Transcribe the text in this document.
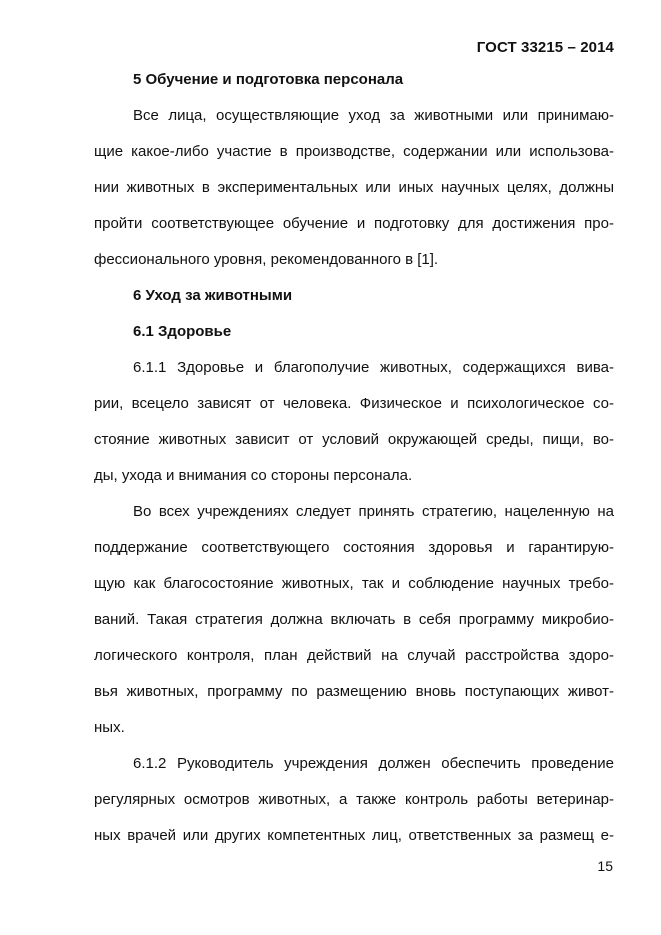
ГОСТ 33215 – 2014
5 Обучение и подготовка персонала
Все лица, осуществляющие уход за животными или принимаю-
щие какое-либо участие в производстве, содержании или использова-
нии животных в экспериментальных или иных научных целях, должны
пройти соответствующее обучение и подготовку для достижения про-
фессионального уровня, рекомендованного в [1].
6 Уход за животными
6.1 Здоровье
6.1.1 Здоровье и благополучие животных, содержащихся вива-
рии, всецело зависят от человека. Физическое и психологическое со-
стояние животных зависит от условий окружающей среды, пищи, во-
ды, ухода и внимания со стороны персонала.
Во всех учреждениях следует принять стратегию, нацеленную на
поддержание соответствующего состояния здоровья и гарантирую-
щую как благосостояние животных, так и соблюдение научных требо-
ваний. Такая стратегия должна включать в себя программу микробио-
логического контроля, план действий на случай расстройства здоро-
вья животных, программу по размещению вновь поступающих живот-
ных.
6.1.2 Руководитель учреждения должен обеспечить проведение
регулярных осмотров животных, а также контроль работы ветеринар-
ных врачей или других компетентных лиц, ответственных за размещ е-
15
